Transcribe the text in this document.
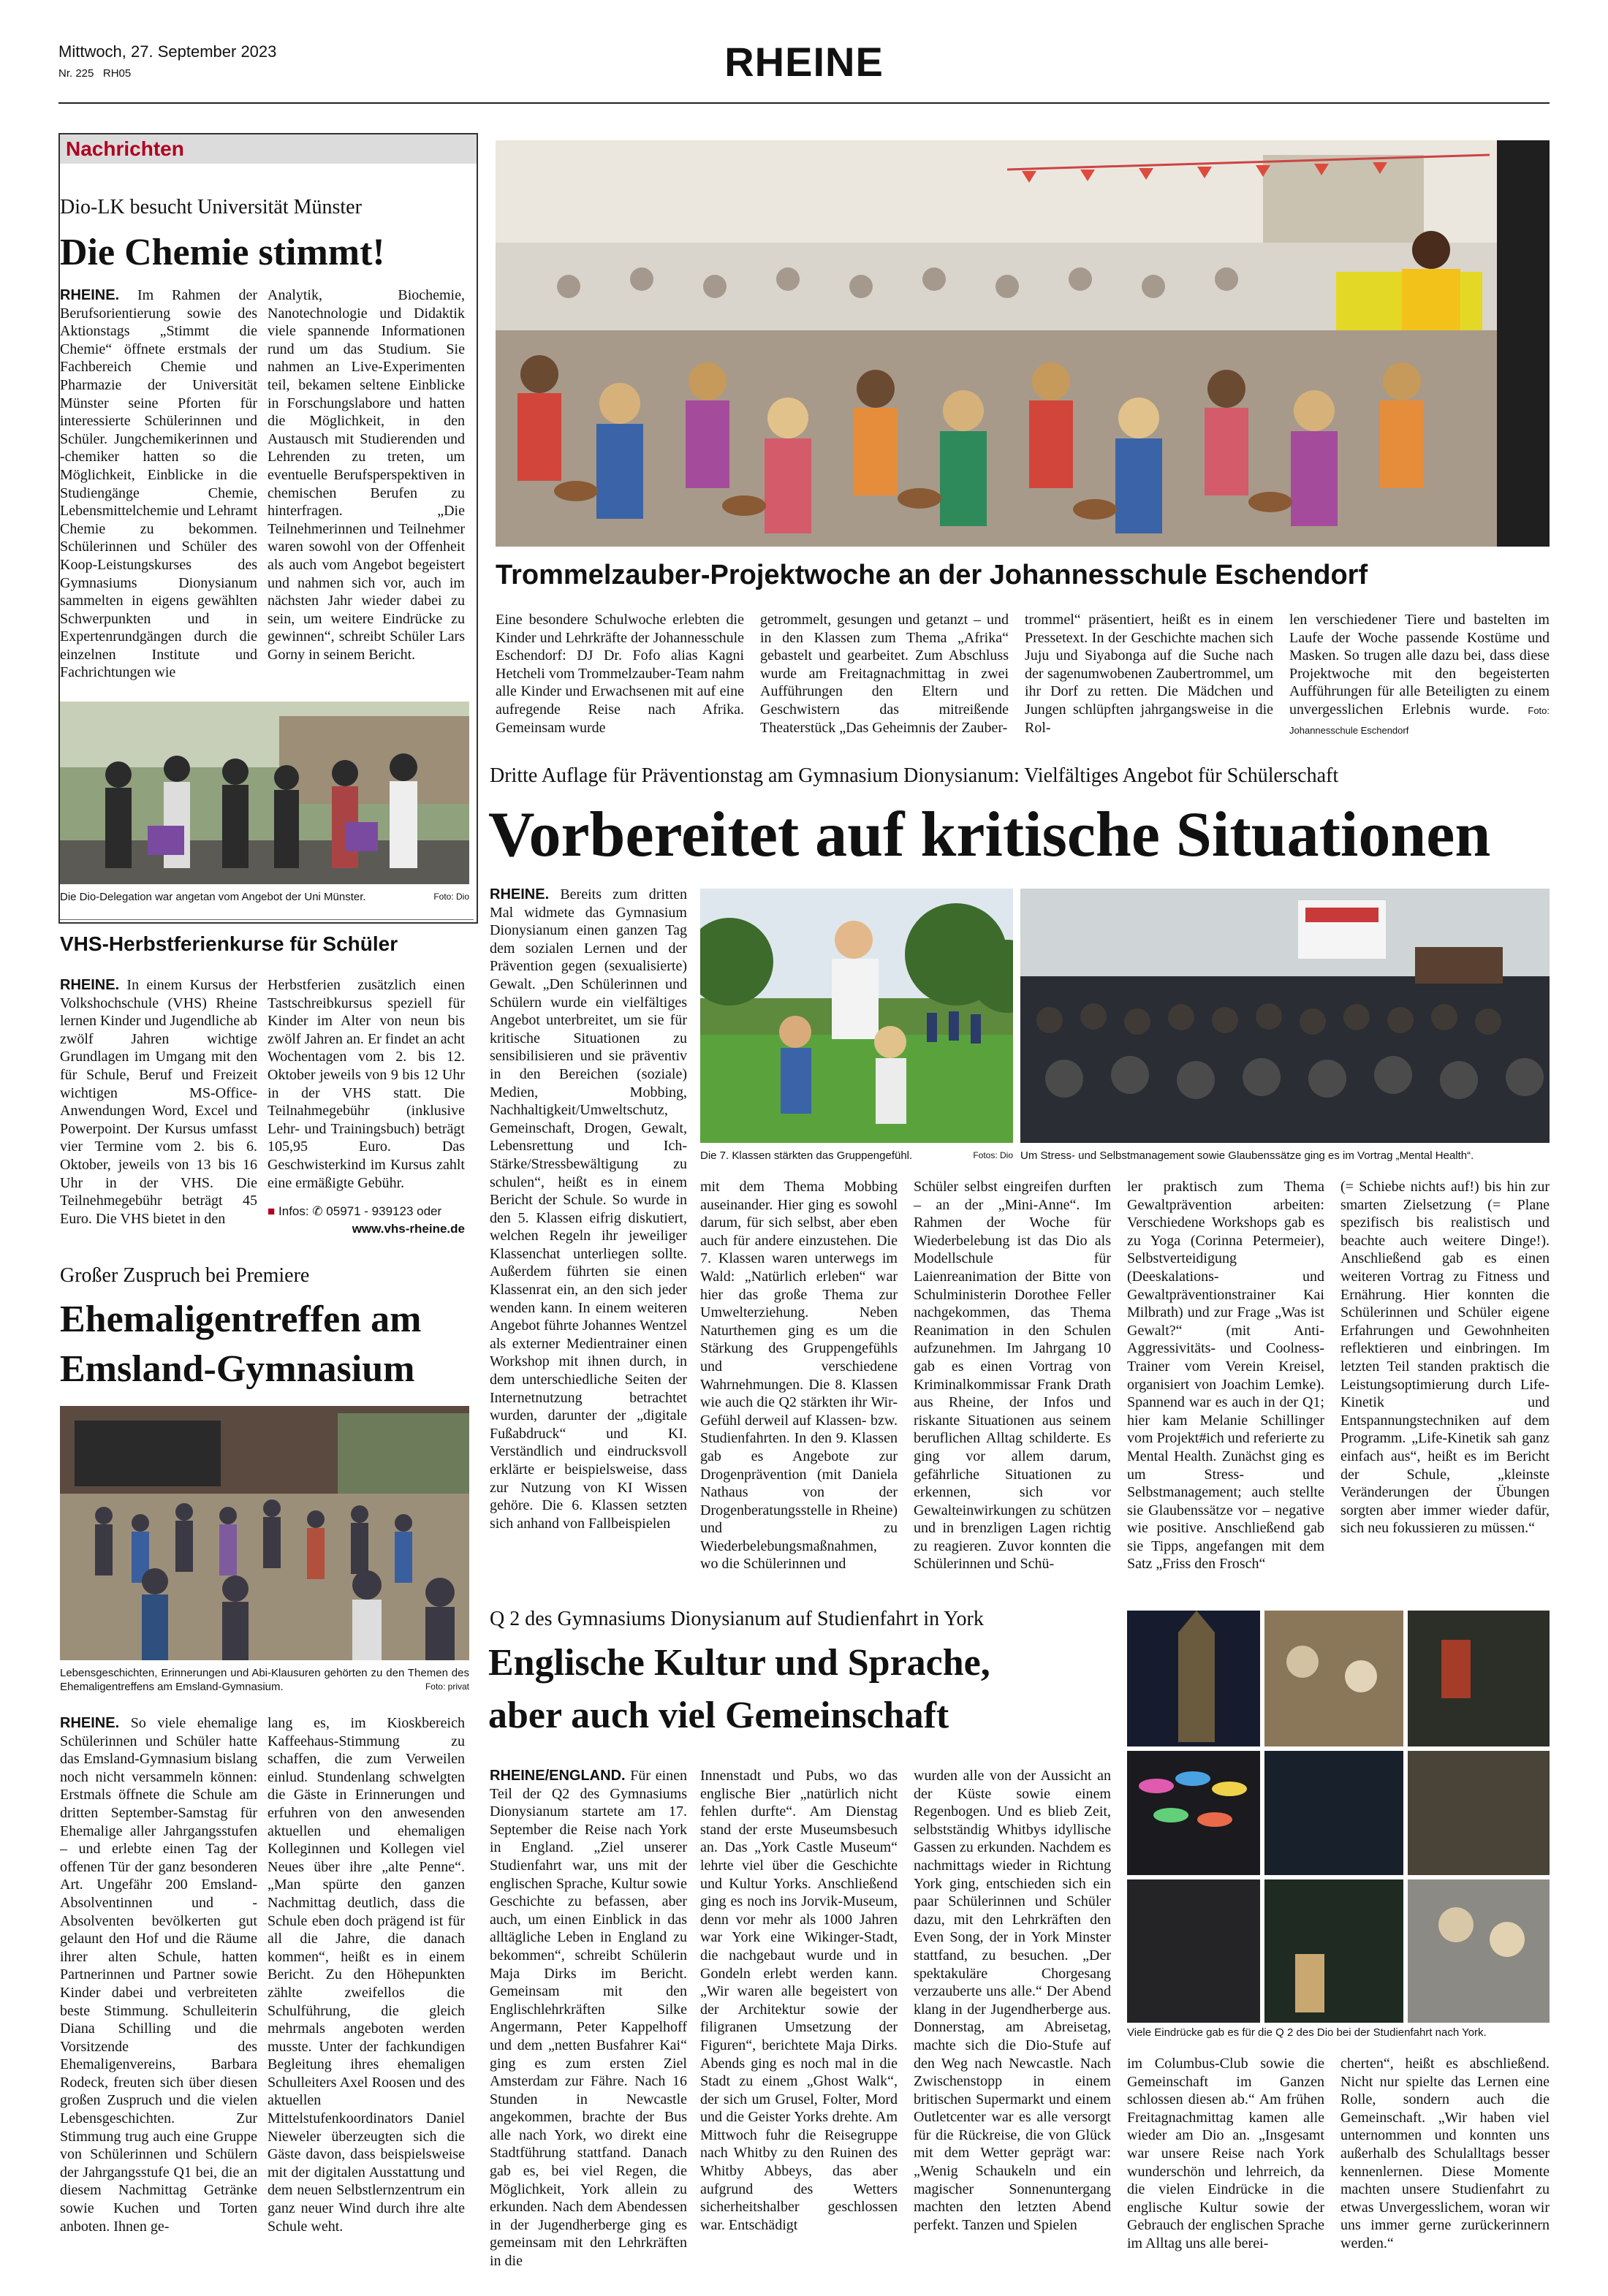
Mittwoch, 27. September 2023
Nr. 225 RH05	RHEINE
Nachrichten
Dio-LK besucht Universität Münster
Die Chemie stimmt!
RHEINE. Im Rahmen der Berufsorientierung sowie des Aktionstags „Stimmt die Chemie“ öffnete erstmals der Fachbereich Chemie und Pharmazie der Universität Münster seine Pforten für interessierte Schülerinnen und Schüler. Jungchemikerinnen und -chemiker hatten so die Möglichkeit, Einblicke in die Studiengänge Chemie, Lebensmittelchemie und Lehramt Chemie zu bekommen. Schülerinnen und Schüler des Koop-Leistungskurses des Gymnasiums Dionysianum sammelten in eigens gewählten Schwerpunkten und in Expertenrundgängen durch die einzelnen Institute und Fachrichtungen wie
Analytik, Biochemie, Nanotechnologie und Didaktik viele spannende Informationen rund um das Studium. Sie nahmen an Live-Experimenten teil, bekamen seltene Einblicke in Forschungslabore und hatten die Möglichkeit, in den Austausch mit Studierenden und Lehrenden zu treten, um eventuelle Berufsperspektiven in chemischen Berufen zu hinterfragen. „Die Teilnehmerinnen und Teilnehmer waren sowohl von der Offenheit als auch vom Angebot begeistert und nahmen sich vor, auch im nächsten Jahr wieder dabei zu sein, um weitere Eindrücke zu gewinnen“, schreibt Schüler Lars Gorny in seinem Bericht.
Die Dio-Delegation war angetan vom Angebot der Uni Münster.	Foto: Dio
VHS-Herbstferienkurse für Schüler
RHEINE. In einem Kursus der Volkshochschule (VHS) Rheine lernen Kinder und Jugendliche ab zwölf Jahren wichtige Grundlagen im Umgang mit den für Schule, Beruf und Freizeit wichtigen MS-Office-Anwendungen Word, Excel und Powerpoint. Der Kursus umfasst vier Termine vom 2. bis 6. Oktober, jeweils von 13 bis 16 Uhr in der VHS. Die Teilnehmegebühr beträgt 45 Euro. Die VHS bietet in den
Herbstferien zusätzlich einen Tastschreibkursus speziell für Kinder im Alter von neun bis zwölf Jahren an. Er findet an acht Wochentagen vom 2. bis 12. Oktober jeweils von 9 bis 12 Uhr in der VHS statt. Die Teilnahmegebühr (inklusive Lehr- und Trainingsbuch) beträgt 105,95 Euro. Das Geschwisterkind im Kursus zahlt eine ermäßigte Gebühr.
■ Infos: ✆ 05971 - 939123 oder
www.vhs-rheine.de
Großer Zuspruch bei Premiere
Ehemaligentreffen am
Emsland-Gymnasium
Lebensgeschichten, Erinnerungen und Abi-Klausuren gehörten zu den Themen des Ehemaligentreffens am Emsland-Gymnasium.	Foto: privat
RHEINE. So viele ehemalige Schülerinnen und Schüler hatte das Emsland-Gymnasium bislang noch nicht versammeln können: Erstmals öffnete die Schule am dritten September-Samstag für Ehemalige aller Jahrgangsstufen – und erlebte einen Tag der offenen Tür der ganz besonderen Art. Ungefähr 200 Emsland-Absolventinnen und -Absolventen bevölkerten gut gelaunt den Hof und die Räume ihrer alten Schule, hatten Partnerinnen und Partner sowie Kinder dabei und verbreiteten beste Stimmung. Schulleiterin Diana Schilling und die Vorsitzende des Ehemaligenvereins, Barbara Rodeck, freuten sich über diesen großen Zuspruch und die vielen Lebensgeschichten. Zur Stimmung trug auch eine Gruppe von Schülerinnen und Schülern der Jahrgangsstufe Q1 bei, die an diesem Nachmittag Getränke sowie Kuchen und Torten anboten. Ihnen ge-
lang es, im Kioskbereich Kaffeehaus-Stimmung zu schaffen, die zum Verweilen einlud. Stundenlang schwelgten die Gäste in Erinnerungen und erfuhren von den anwesenden aktuellen und ehemaligen Kolleginnen und Kollegen viel Neues über ihre „alte Penne“. „Man spürte den ganzen Nachmittag deutlich, dass die Schule eben doch prägend ist für all die Jahre, die danach kommen“, heißt es in einem Bericht. Zu den Höhepunkten zählte zweifellos die Schulführung, die gleich mehrmals angeboten werden musste. Unter der fachkundigen Begleitung ihres ehemaligen Schulleiters Axel Roosen und des aktuellen Mittelstufenkoordinators Daniel Nieweler überzeugten sich die Gäste davon, dass beispielsweise mit der digitalen Ausstattung und dem neuen Selbstlernzentrum ein ganz neuer Wind durch ihre alte Schule weht.
Trommelzauber-Projektwoche an der Johannesschule Eschendorf
Eine besondere Schulwoche erlebten die Kinder und Lehrkräfte der Johannesschule Eschendorf: DJ Dr. Fofo alias Kagni Hetcheli vom Trommelzauber-Team nahm alle Kinder und Erwachsenen mit auf eine aufregende Reise nach Afrika. Gemeinsam wurde
getrommelt, gesungen und getanzt – und in den Klassen zum Thema „Afrika“ gebastelt und gearbeitet. Zum Abschluss wurde am Freitagnachmittag in zwei Aufführungen den Eltern und Geschwistern das mitreißende Theaterstück „Das Geheimnis der Zauber-
trommel“ präsentiert, heißt es in einem Pressetext. In der Geschichte machen sich Juju und Siyabonga auf die Suche nach der sagenumwobenen Zaubertrommel, um ihr Dorf zu retten. Die Mädchen und Jungen schlüpften jahrgangsweise in die Rol-
len verschiedener Tiere und bastelten im Laufe der Woche passende Kostüme und Masken. So trugen alle dazu bei, dass diese Projektwoche mit den begeisterten Aufführungen für alle Beteiligten zu einem unvergesslichen Erlebnis wurde. Foto: Johannesschule Eschendorf
Dritte Auflage für Präventionstag am Gymnasium Dionysianum: Vielfältiges Angebot für Schülerschaft
Vorbereitet auf kritische Situationen
RHEINE. Bereits zum dritten Mal widmete das Gymnasium Dionysianum einen ganzen Tag dem sozialen Lernen und der Prävention gegen (sexualisierte) Gewalt. „Den Schülerinnen und Schülern wurde ein vielfältiges Angebot unterbreitet, um sie für kritische Situationen zu sensibilisieren und sie präventiv in den Bereichen (soziale) Medien, Mobbing, Nachhaltigkeit/Umweltschutz, Gemeinschaft, Drogen, Gewalt, Lebensrettung und Ich-Stärke/Stressbewältigung zu schulen“, heißt es in einem Bericht der Schule. So wurde in den 5. Klassen eifrig diskutiert, welchen Regeln ihr jeweiliger Klassenchat unterliegen sollte. Außerdem führten sie einen Klassenrat ein, an den sich jeder wenden kann. In einem weiteren Angebot führte Johannes Wentzel als externer Medientrainer einen Workshop mit ihnen durch, in dem unterschiedliche Seiten der Internetnutzung betrachtet wurden, darunter der „digitale Fußabdruck“ und KI. Verständlich und eindrucksvoll erklärte er beispielsweise, dass zur Nutzung von KI Wissen gehöre. Die 6. Klassen setzten sich anhand von Fallbeispielen
Die 7. Klassen stärkten das Gruppengefühl.	Fotos: Dio Um Stress- und Selbstmanagement sowie Glaubenssätze ging es im Vortrag „Mental Health“.
mit dem Thema Mobbing auseinander. Hier ging es sowohl darum, für sich selbst, aber eben auch für andere einzustehen. Die 7. Klassen waren unterwegs im Wald: „Natürlich erleben“ war hier das große Thema zur Umwelterziehung. Neben Naturthemen ging es um die Stärkung des Gruppengefühls und verschiedene Wahrnehmungen. Die 8. Klassen wie auch die Q2 stärkten ihr Wir-Gefühl derweil auf Klassen- bzw. Studienfahrten. In den 9. Klassen gab es Angebote zur Drogenprävention (mit Daniela Nathaus von der Drogenberatungsstelle in Rheine) und zu Wiederbelebungsmaßnahmen, wo die Schülerinnen und
Schüler selbst eingreifen durften – an der „Mini-Anne“. Im Rahmen der Woche für Wiederbelebung ist das Dio als Modellschule für Laienreanimation der Bitte von Schulministerin Dorothee Feller nachgekommen, das Thema Reanimation in den Schulen aufzunehmen. Im Jahrgang 10 gab es einen Vortrag von Kriminalkommissar Frank Drath aus Rheine, der Infos und riskante Situationen aus seinem beruflichen Alltag schilderte. Es ging vor allem darum, gefährliche Situationen zu erkennen, sich vor Gewalteinwirkungen zu schützen und in brenzligen Lagen richtig zu reagieren. Zuvor konnten die Schülerinnen und Schü-
ler praktisch zum Thema Gewaltprävention arbeiten: Verschiedene Workshops gab es zu Yoga (Corinna Petermeier), Selbstverteidigung (Deeskalations- und Gewaltpräventionstrainer Kai Milbrath) und zur Frage „Was ist Gewalt?“ (mit Anti-Aggressivitäts- und Coolness-Trainer vom Verein Kreisel, organisiert von Joachim Lemke). Spannend war es auch in der Q1; hier kam Melanie Schillinger vom Projekt#ich und referierte zu Mental Health. Zunächst ging es um Stress- und Selbstmanagement; auch stellte sie Glaubenssätze vor – negative wie positive. Anschließend gab sie Tipps, angefangen mit dem Satz „Friss den Frosch“
(= Schiebe nichts auf!) bis hin zur smarten Zielsetzung (= Plane spezifisch bis realistisch und beachte auch weitere Dinge!). Anschließend gab es einen weiteren Vortrag zu Fitness und Ernährung. Hier konnten die Schülerinnen und Schüler eigene Erfahrungen und Gewohnheiten reflektieren und einbringen. Im letzten Teil standen praktisch die Leistungsoptimierung durch Life-Kinetik und Entspannungstechniken auf dem Programm. „Life-Kinetik sah ganz einfach aus“, heißt es im Bericht der Schule, „kleinste Veränderungen der Übungen sorgten aber immer wieder dafür, sich neu fokussieren zu müssen.“
Q 2 des Gymnasiums Dionysianum auf Studienfahrt in York
Englische Kultur und Sprache,
aber auch viel Gemeinschaft
RHEINE/ENGLAND. Für einen Teil der Q2 des Gymnasiums Dionysianum startete am 17. September die Reise nach York in England. „Ziel unserer Studienfahrt war, uns mit der englischen Sprache, Kultur sowie Geschichte zu befassen, aber auch, um einen Einblick in das alltägliche Leben in England zu bekommen“, schreibt Schülerin Maja Dirks im Bericht. Gemeinsam mit den Englischlehrkräften Silke Angermann, Peter Kappelhoff und dem „netten Busfahrer Kai“ ging es zum ersten Ziel Amsterdam zur Fähre. Nach 16 Stunden in Newcastle angekommen, brachte der Bus alle nach York, wo direkt eine Stadtführung stattfand. Danach gab es, bei viel Regen, die Möglichkeit, York allein zu erkunden. Nach dem Abendessen in der Jugendherberge ging es gemeinsam mit den Lehrkräften in die
Innenstadt und Pubs, wo das englische Bier „natürlich nicht fehlen durfte“. Am Dienstag stand der erste Museumsbesuch an. Das „York Castle Museum“ lehrte viel über die Geschichte und Kultur Yorks. Anschließend ging es noch ins Jorvik-Museum, denn vor mehr als 1000 Jahren war York eine Wikinger-Stadt, die nachgebaut wurde und in Gondeln erlebt werden kann. „Wir waren alle begeistert von der Architektur sowie der filigranen Umsetzung der Figuren“, berichtete Maja Dirks. Abends ging es noch mal in die Stadt zu einem „Ghost Walk“, der sich um Grusel, Folter, Mord und die Geister Yorks drehte. Am Mittwoch fuhr die Reisegruppe nach Whitby zu den Ruinen des Whitby Abbeys, das aber aufgrund des Wetters sicherheitshalber geschlossen war. Entschädigt
wurden alle von der Aussicht an der Küste sowie einem Regenbogen. Und es blieb Zeit, selbstständig Whitbys idyllische Gassen zu erkunden. Nachdem es nachmittags wieder in Richtung York ging, entschieden sich ein paar Schülerinnen und Schüler dazu, mit den Lehrkräften den Even Song, der in York Minster stattfand, zu besuchen. „Der spektakuläre Chorgesang verzauberte uns alle.“ Der Abend klang in der Jugendherberge aus. Donnerstag, am Abreisetag, machte sich die Dio-Stufe auf den Weg nach Newcastle. Nach Zwischenstopp in einem britischen Supermarkt und einem Outletcenter war es alle versorgt für die Rückreise, die von Glück mit dem Wetter geprägt war: „Wenig Schaukeln und ein magischer Sonnenuntergang machten den letzten Abend perfekt. Tanzen und Spielen
Viele Eindrücke gab es für die Q 2 des Dio bei der Studienfahrt nach York.
im Columbus-Club sowie die Gemeinschaft im Ganzen schlossen diesen ab.“ Am frühen Freitagnachmittag kamen alle wieder am Dio an. „Insgesamt war unsere Reise nach York wunderschön und lehrreich, da die vielen Eindrücke in die englische Kultur sowie der Gebrauch der englischen Sprache im Alltag uns alle berei-
cherten“, heißt es abschließend. Nicht nur spielte das Lernen eine Rolle, sondern auch die Gemeinschaft. „Wir haben viel unternommen und konnten uns außerhalb des Schulalltags besser kennenlernen. Diese Momente machten unsere Studienfahrt zu etwas Unvergesslichem, woran wir uns immer gerne zurückerinnern werden.“
